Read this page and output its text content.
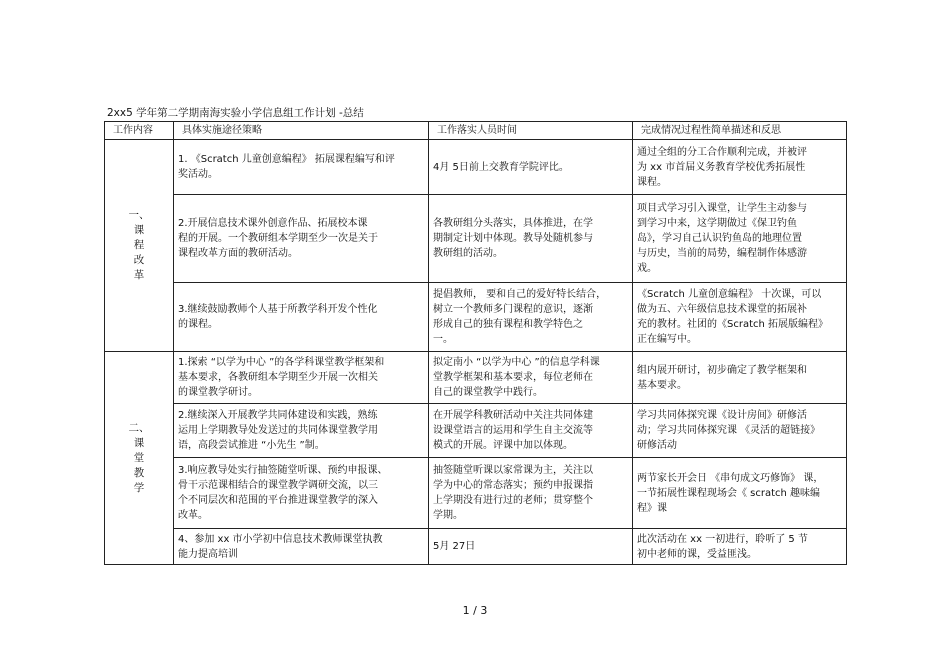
2xx5 学年第二学期南海实验小学信息组工作计划 -总结
工作内容	具体实施途径策略	工作落实人员时间	完成情况过程性简单描述和反思

一、
课
程
改
革	1. 《Scratch 儿童创意编程》 拓展课程编写和评
奖活动。	4月 5日前上交教育学院评比。	通过全组的分工合作顺利完成，并被评
为 xx 市首届义务教育学校优秀拓展性
课程。
	2.开展信息技术课外创意作品、拓展校本课
程的开展。一个教研组本学期至少一次是关于
课程改革方面的教研活动。	各教研组分头落实，具体推进，在学
期制定计划中体现。教导处随机参与
教研组的活动。	项目式学习引入课堂，让学生主动参与
到学习中来，这学期做过《保卫钓鱼
岛》，学习自己认识钓鱼岛的地理位置
与历史，当前的局势，编程制作体感游
戏。
	3.继续鼓励教师个人基于所教学科开发个性化
的课程。	提倡教师， 要和自己的爱好特长结合，
树立一个教师多门课程的意识，逐渐
形成自己的独有课程和教学特色之
一。	《Scratch 儿童创意编程》 十次课，可以
做为五、六年级信息技术课堂的拓展补
充的教材。社团的《Scratch 拓展版编程》
正在编写中。

二、
课
堂
教
学	1.探索 “以学为中心 ”的各学科课堂教学框架和
基本要求，各教研组本学期至少开展一次相关
的课堂教学研讨。	拟定南小 “以学为中心 ”的信息学科课
堂教学框架和基本要求，每位老师在
自己的课堂教学中践行。	组内展开研讨，初步确定了教学框架和
基本要求。
	2.继续深入开展教学共同体建设和实践，熟练
运用上学期教导处发送过的共同体课堂教学用
语，高段尝试推进 “小先生 ”制。	在开展学科教研活动中关注共同体建
设课堂语言的运用和学生自主交流等
模式的开展。评课中加以体现。	学习共同体探究课《设计房间》研修活
动；学习共同体探究课 《灵活的超链接》
研修活动
	3.响应教导处实行抽签随堂听课、预约申报课、
骨干示范课相结合的课堂教学调研交流，以三
个不同层次和范围的平台推进课堂教学的深入
改革。	抽签随堂听课以家常课为主，关注以
学为中心的常态落实；预约申报课指
上学期没有进行过的老师；贯穿整个
学期。	两节家长开会日 《串句成文巧修饰》 课，
一节拓展性课程现场会《 scratch 趣味编
程》课
	4、参加 xx 市小学初中信息技术教师课堂执教
能力提高培训	5月 27日	此次活动在 xx 一初进行，聆听了 5 节
初中老师的课，受益匪浅。
1 / 3
